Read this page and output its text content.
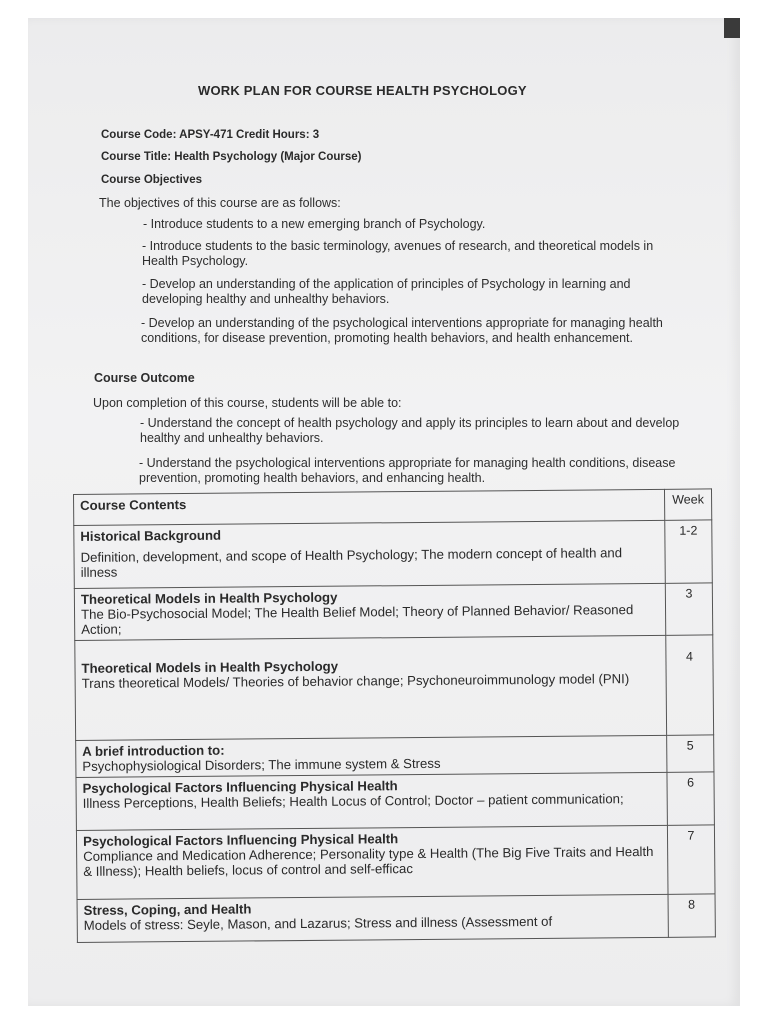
WORK PLAN FOR COURSE HEALTH PSYCHOLOGY
Course Code: APSY-471 Credit Hours: 3
Course Title: Health Psychology (Major Course)
Course Objectives
The objectives of this course are as follows:
- Introduce students to a new emerging branch of Psychology.
- Introduce students to the basic terminology, avenues of research, and theoretical models in Health Psychology.
- Develop an understanding of the application of principles of Psychology in learning and developing healthy and unhealthy behaviors.
- Develop an understanding of the psychological interventions appropriate for managing health conditions, for disease prevention, promoting health behaviors, and health enhancement.
Course Outcome
Upon completion of this course, students will be able to:
- Understand the concept of health psychology and apply its principles to learn about and develop healthy and unhealthy behaviors.
- Understand the psychological interventions appropriate for managing health conditions, disease prevention, promoting health behaviors, and enhancing health.
Course Contents	Week

Historical Background
Definition, development, and scope of Health Psychology; The modern concept of health and illness	1-2

Theoretical Models in Health Psychology
The Bio-Psychosocial Model; The Health Belief Model; Theory of Planned Behavior/ Reasoned Action;	3

Theoretical Models in Health Psychology
Trans theoretical Models/ Theories of behavior change; Psychoneuroimmunology model (PNI)	4

A brief introduction to:
Psychophysiological Disorders; The immune system & Stress	5

Psychological Factors Influencing Physical Health
Illness Perceptions, Health Beliefs; Health Locus of Control; Doctor – patient communication;	6

Psychological Factors Influencing Physical Health
Compliance and Medication Adherence; Personality type & Health (The Big Five Traits and Health & Illness); Health beliefs, locus of control and self-efficac	7

Stress, Coping, and Health
Models of stress: Seyle, Mason, and Lazarus; Stress and illness (Assessment of	8
